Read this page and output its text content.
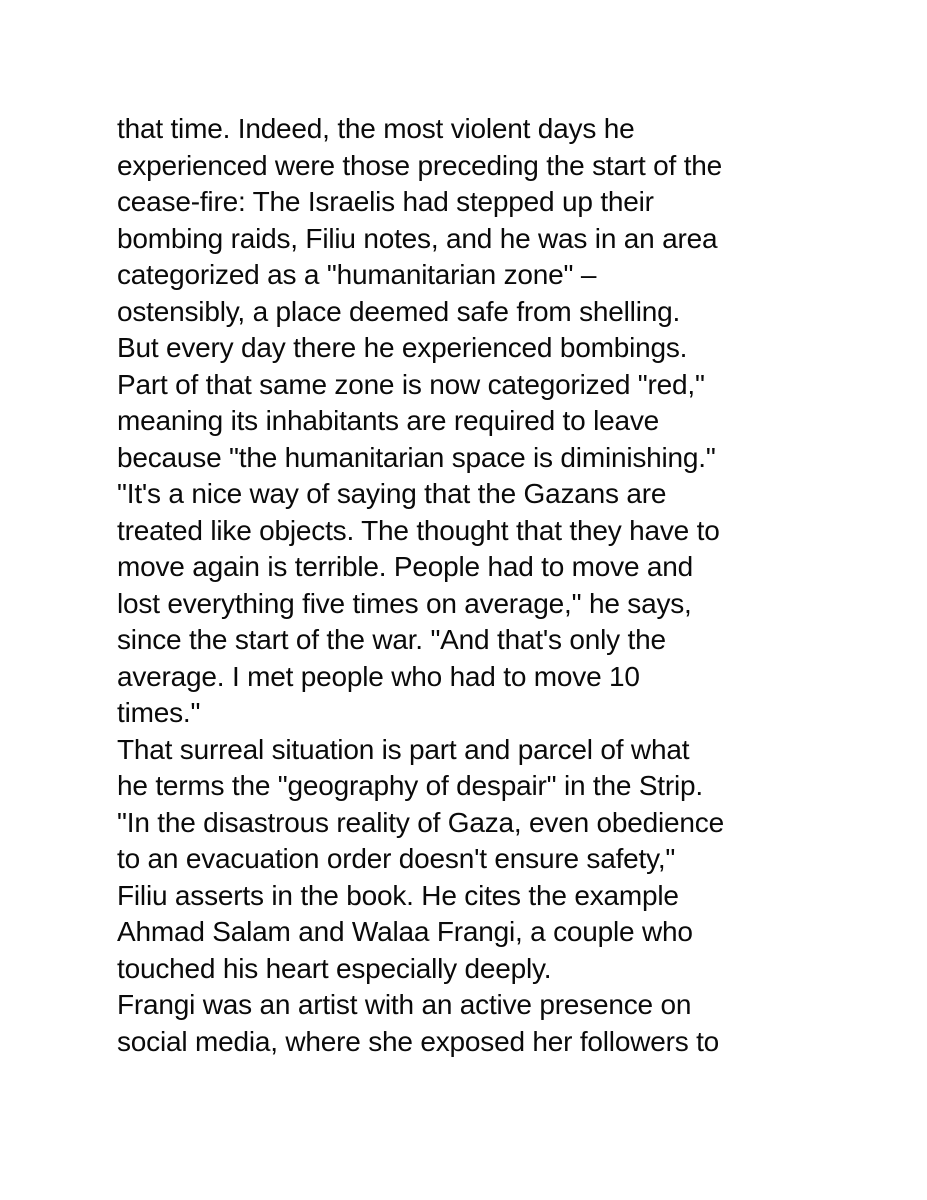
that time. Indeed, the most violent days he
experienced were those preceding the start of the
cease-fire: The Israelis had stepped up their
bombing raids, Filiu notes, and he was in an area
categorized as a "humanitarian zone" –
ostensibly, a place deemed safe from shelling.
But every day there he experienced bombings.
Part of that same zone is now categorized "red,"
meaning its inhabitants are required to leave
because "the humanitarian space is diminishing."
"It's a nice way of saying that the Gazans are
treated like objects. The thought that they have to
move again is terrible. People had to move and
lost everything five times on average," he says,
since the start of the war. "And that's only the
average. I met people who had to move 10
times."
That surreal situation is part and parcel of what
he terms the "geography of despair" in the Strip.
"In the disastrous reality of Gaza, even obedience
to an evacuation order doesn't ensure safety,"
Filiu asserts in the book. He cites the example
Ahmad Salam and Walaa Frangi, a couple who
touched his heart especially deeply.
Frangi was an artist with an active presence on
social media, where she exposed her followers to
